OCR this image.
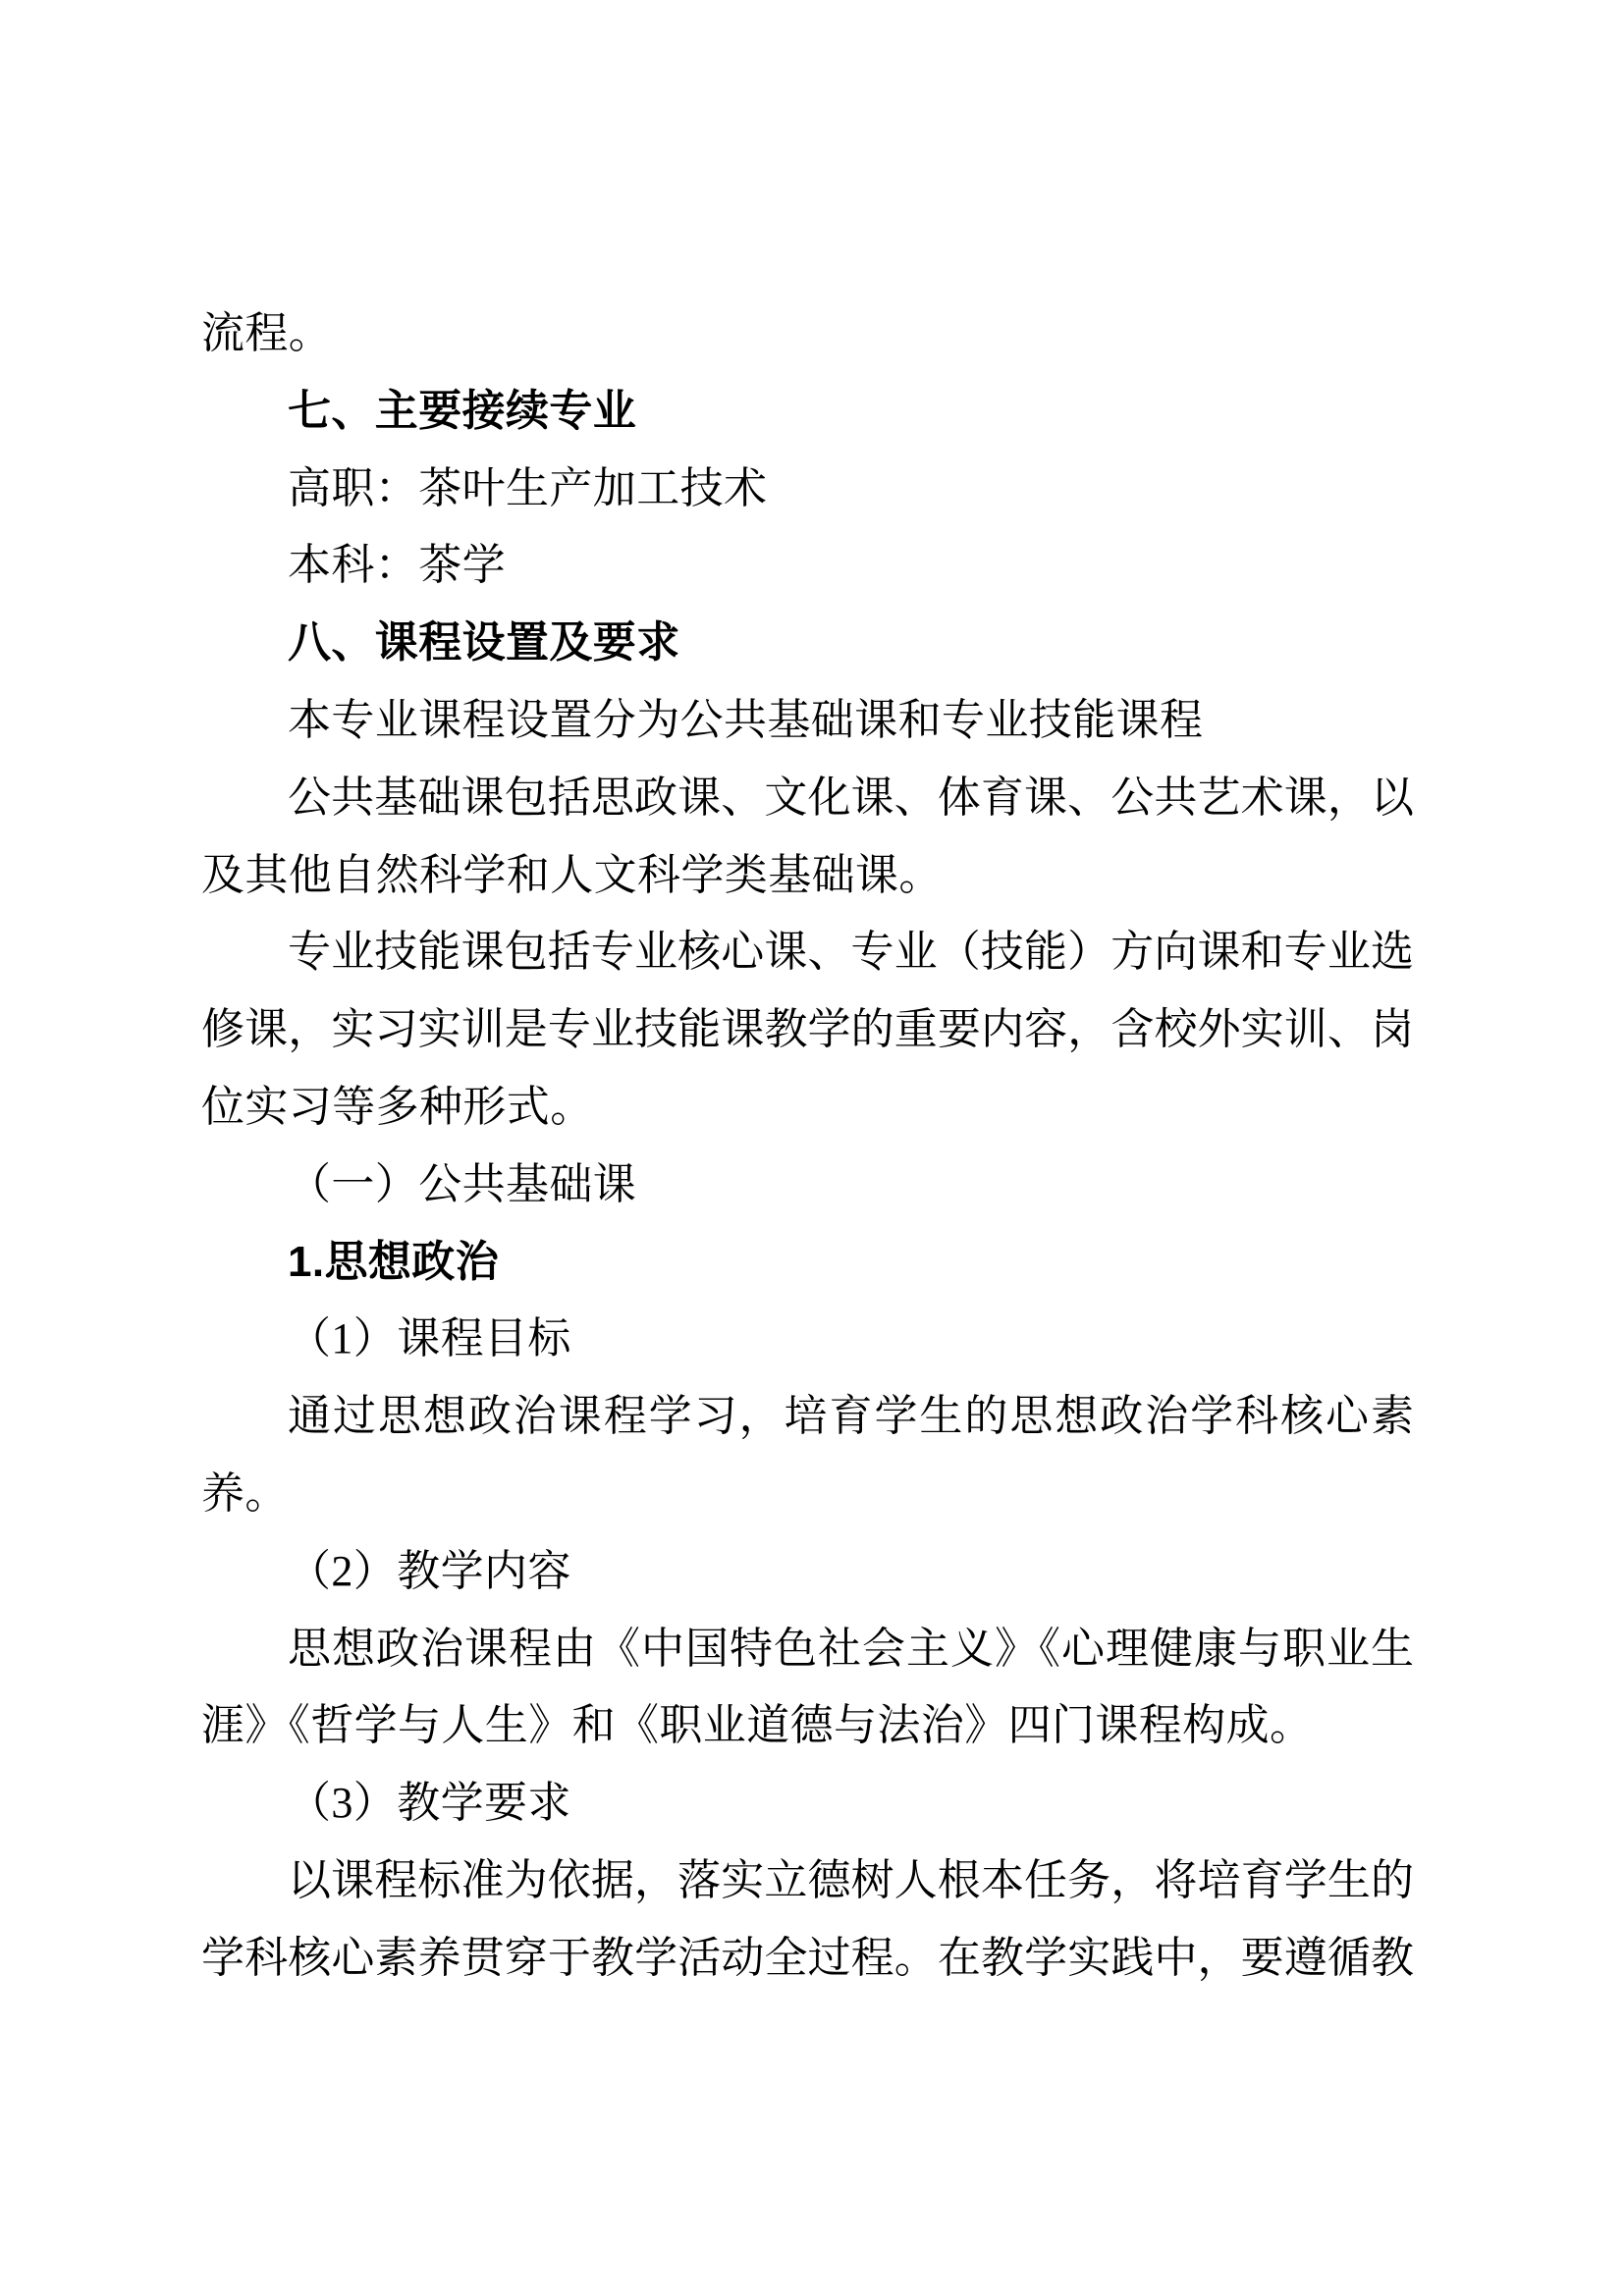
流程。
七、主要接续专业
高职：茶叶生产加工技术
本科：茶学
八、课程设置及要求
本专业课程设置分为公共基础课和专业技能课程
公共基础课包括思政课、文化课、体育课、公共艺术课，以
及其他自然科学和人文科学类基础课。
专业技能课包括专业核心课、专业（技能）方向课和专业选
修课，实习实训是专业技能课教学的重要内容，含校外实训、岗
位实习等多种形式。
（一）公共基础课
1.思想政治
（1）课程目标
通过思想政治课程学习，培育学生的思想政治学科核心素
养。
（2）教学内容
思想政治课程由《中国特色社会主义》《心理健康与职业生
涯》《哲学与人生》和《职业道德与法治》四门课程构成。
（3）教学要求
以课程标准为依据，落实立德树人根本任务，将培育学生的
学科核心素养贯穿于教学活动全过程。在教学实践中，要遵循教
